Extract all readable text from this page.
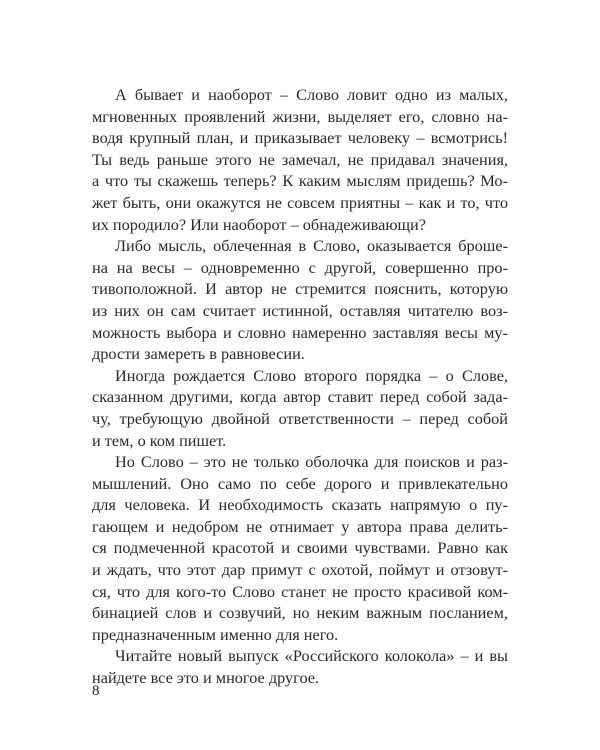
А бывает и наоборот – Слово ловит одно из малых,
мгновенных проявлений жизни, выделяет его, словно на-
водя крупный план, и приказывает человеку – всмотрись!
Ты ведь раньше этого не замечал, не придавал значения,
а что ты скажешь теперь? К каким мыслям придешь? Мо-
жет быть, они окажутся не совсем приятны – как и то, что
их породило? Или наоборот – обнадеживающи?
Либо мысль, облеченная в Слово, оказывается броше-
на на весы – одновременно с другой, совершенно про-
тивоположной. И автор не стремится пояснить, которую
из них он сам считает истинной, оставляя читателю воз-
можность выбора и словно намеренно заставляя весы му-
дрости замереть в равновесии.
Иногда рождается Слово второго порядка – о Слове,
сказанном другими, когда автор ставит перед собой зада-
чу, требующую двойной ответственности – перед собой
и тем, о ком пишет.
Но Слово – это не только оболочка для поисков и раз-
мышлений. Оно само по себе дорого и привлекательно
для человека. И необходимость сказать напрямую о пу-
гающем и недобром не отнимает у автора права делить-
ся подмеченной красотой и своими чувствами. Равно как
и ждать, что этот дар примут с охотой, поймут и отзовут-
ся, что для кого-то Слово станет не просто красивой ком-
бинацией слов и созвучий, но неким важным посланием,
предназначенным именно для него.
Читайте новый выпуск «Российского колокола» – и вы
найдете все это и многое другое.
8
